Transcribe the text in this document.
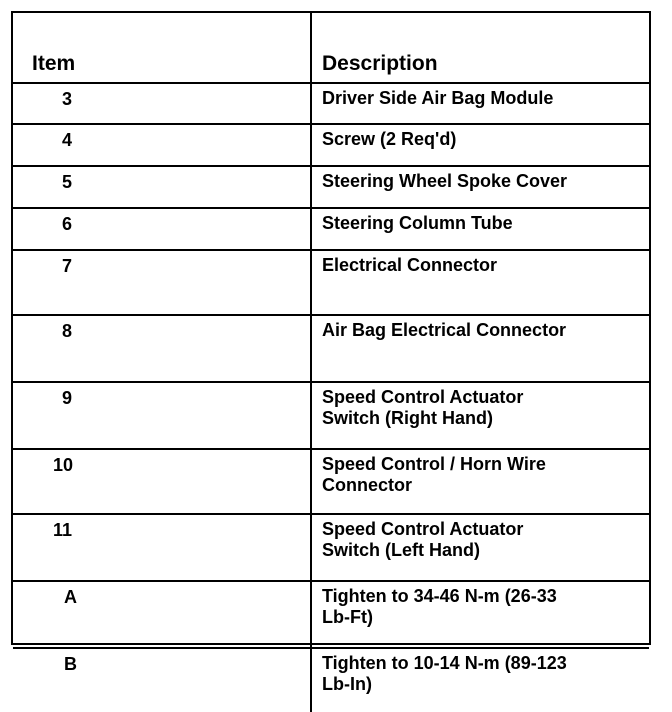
Item	Description
3	Driver Side Air Bag Module
4	Screw (2 Req'd)
5	Steering Wheel Spoke Cover
6	Steering Column Tube
7	Electrical Connector
8	Air Bag Electrical Connector
9	Speed Control Actuator
Switch (Right Hand)

10	Speed Control / Horn Wire
Connector

11	Speed Control Actuator
Switch (Left Hand)

A	Tighten to 34-46 N-m (26-33
Lb-Ft)

B	Tighten to 10-14 N-m (89-123
Lb-In)
